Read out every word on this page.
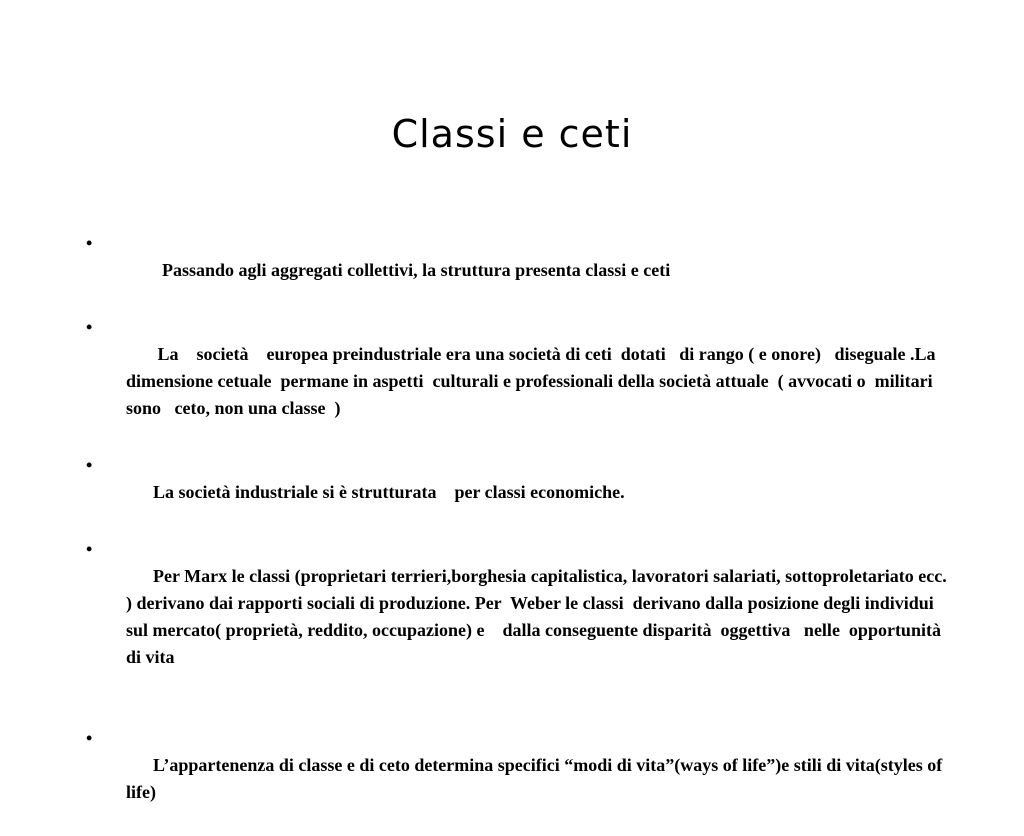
Classi e ceti

•
Passando agli aggregati collettivi, la struttura presenta classi e ceti

•
La    società    europea preindustriale era una società di ceti  dotati   di rango ( e onore)   diseguale .La dimensione cetuale  permane in aspetti  culturali e professionali della società attuale  ( avvocati o  militari sono   ceto, non una classe  )

•
La società industriale si è strutturata    per classi economiche.

•
Per Marx le classi (proprietari terrieri,borghesia capitalistica, lavoratori salariati, sottoproletariato ecc. ) derivano dai rapporti sociali di produzione. Per  Weber le classi  derivano dalla posizione degli individui sul mercato( proprietà, reddito, occupazione) e    dalla conseguente disparità  oggettiva   nelle  opportunità di vita

•
L’appartenenza di classe e di ceto determina specifici “modi di vita”(ways of life”)e stili di vita(styles of life)
